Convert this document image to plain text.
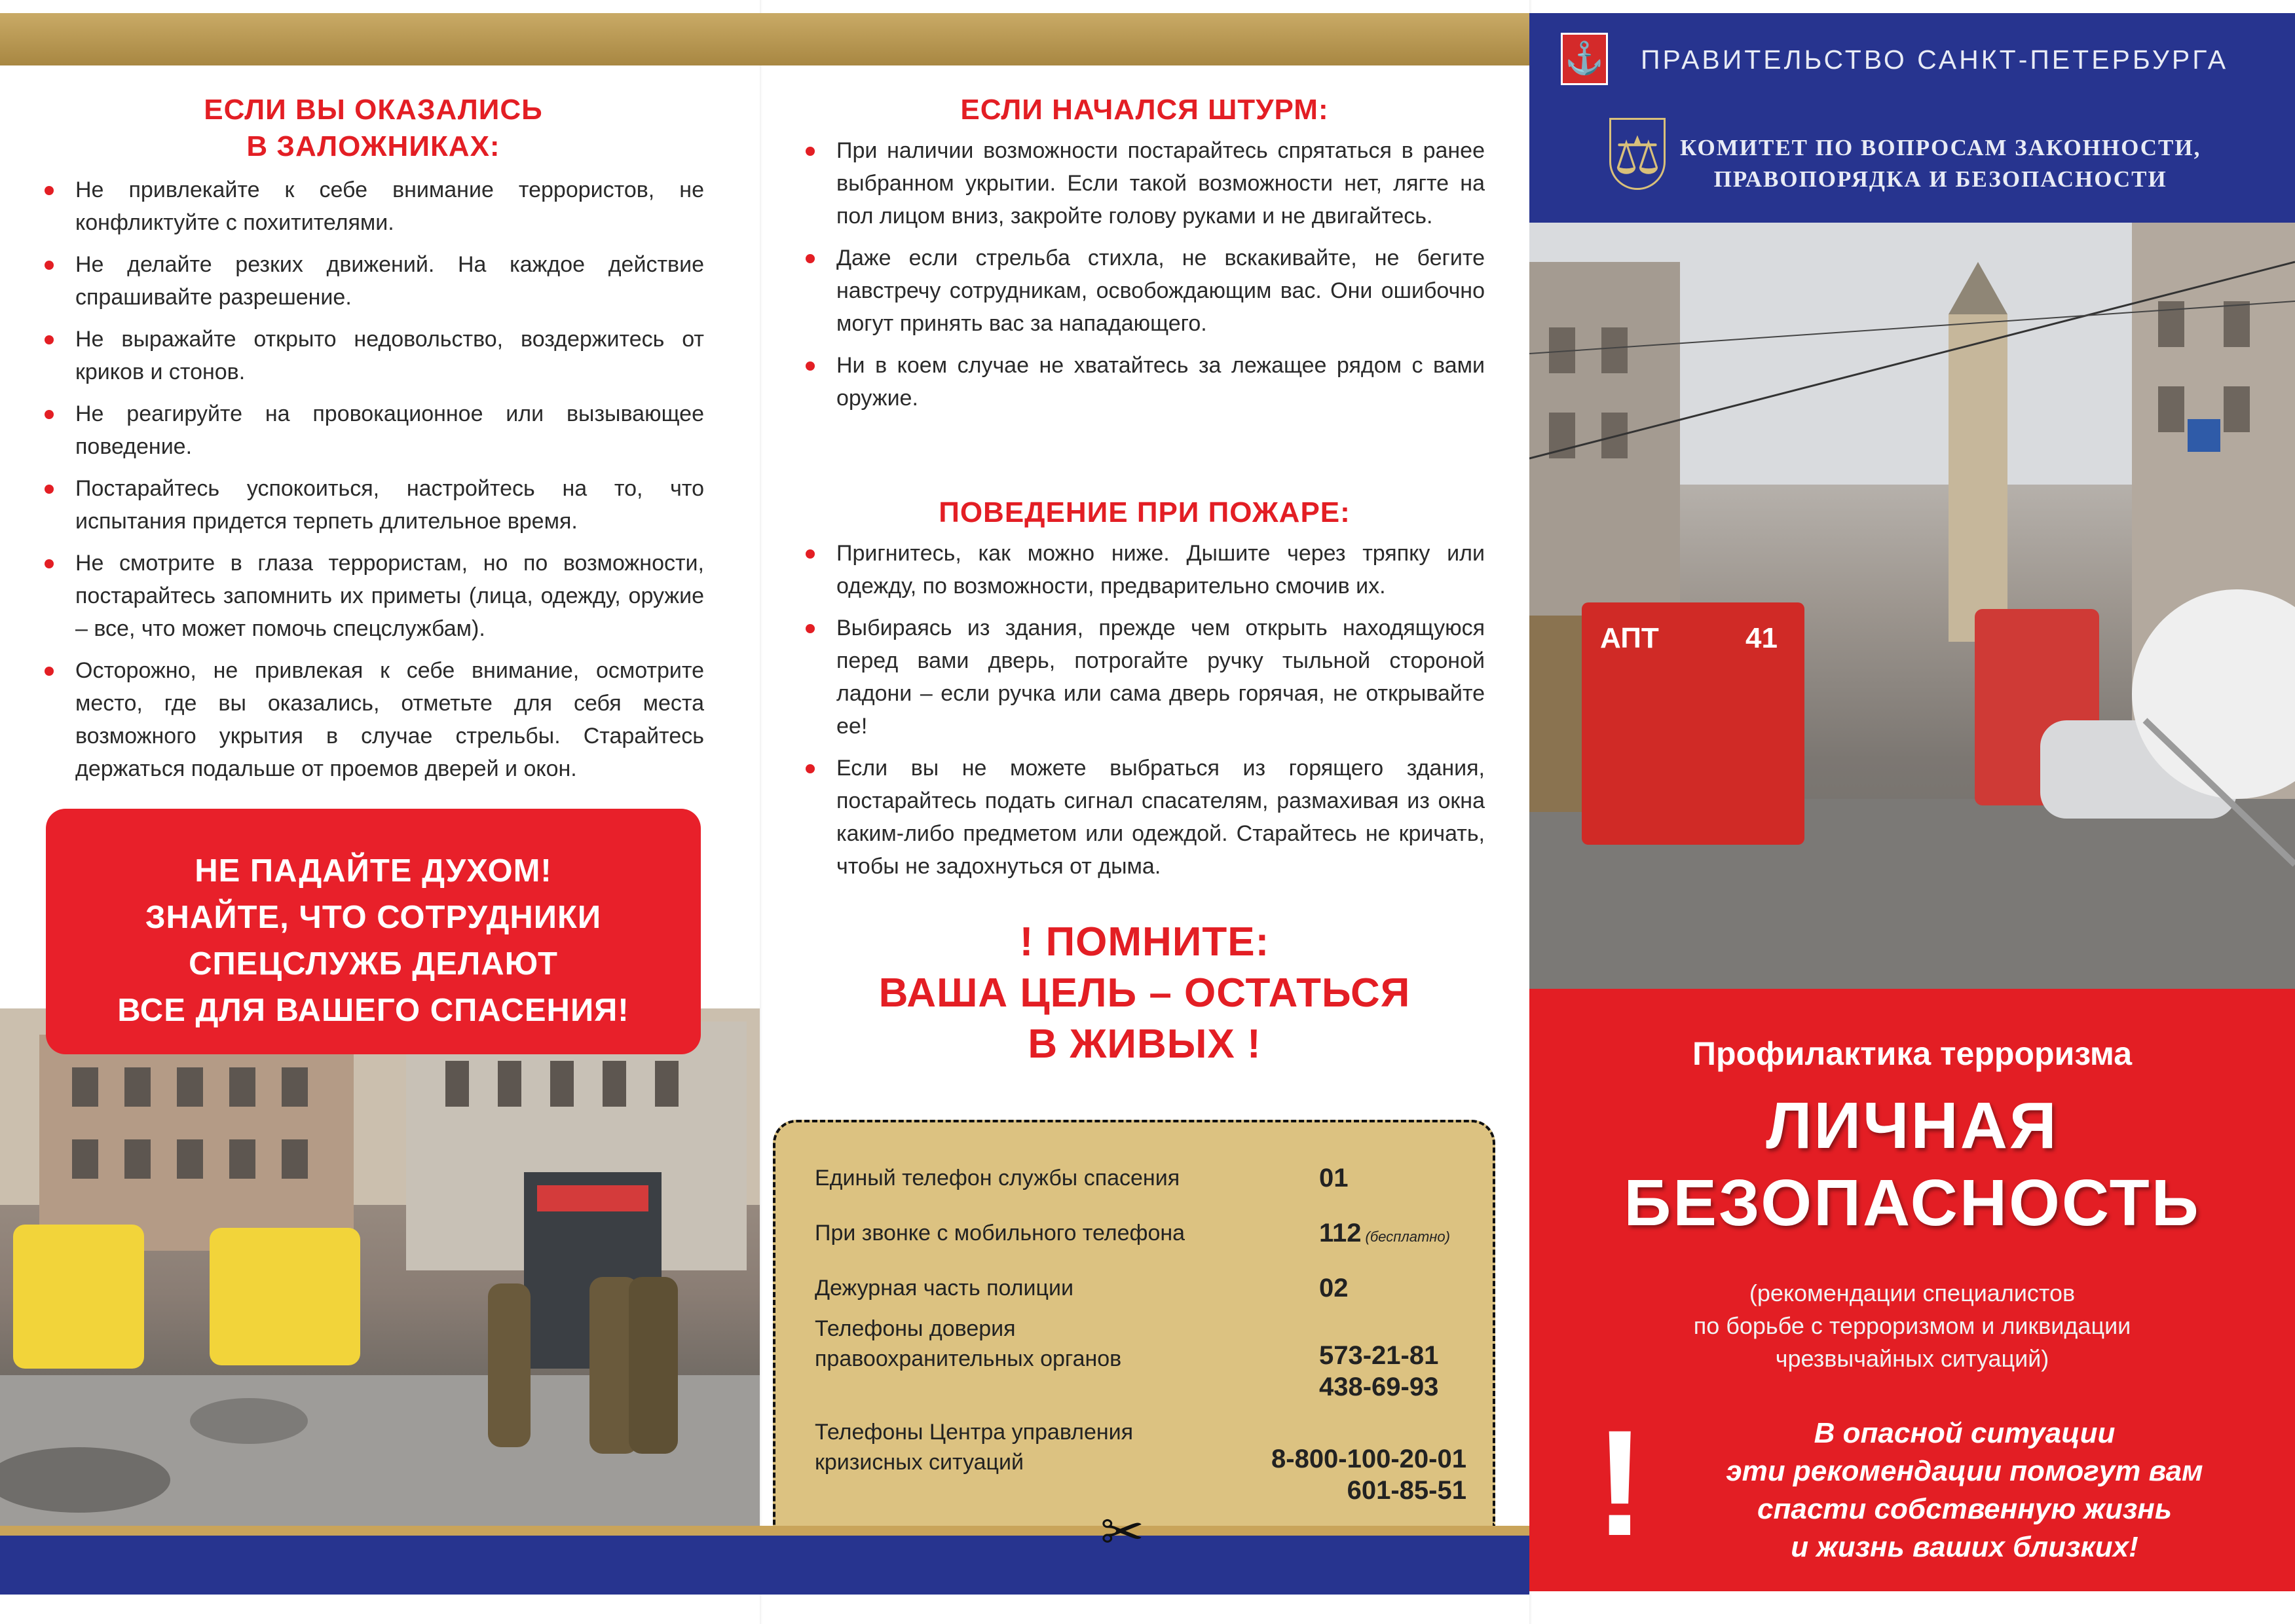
ЕСЛИ ВЫ ОКАЗАЛИСЬ
В ЗАЛОЖНИКАХ:
Не привлекайте к себе внимание террористов, не конфликтуйте с похитителями.
Не делайте резких движений. На каждое действие спрашивайте разрешение.
Не выражайте открыто недовольство, воздержитесь от криков и стонов.
Не реагируйте на провокационное или вызывающее поведение.
Постарайтесь успокоиться, настройтесь на то, что испытания придется терпеть длительное время.
Не смотрите в глаза террористам, но по возможности, постарайтесь запомнить их приметы (лица, одежду, оружие – все, что может помочь спецслужбам).
Осторожно, не привлекая к себе внимание, осмотрите место, где вы оказались, отметьте для себя места возможного укрытия в случае стрельбы. Старайтесь держаться подальше от проемов дверей и окон.
НЕ ПАДАЙТЕ ДУХОМ!
ЗНАЙТЕ, ЧТО СОТРУДНИКИ
СПЕЦСЛУЖБ ДЕЛАЮТ
ВСЕ ДЛЯ ВАШЕГО СПАСЕНИЯ!
ЕСЛИ НАЧАЛСЯ ШТУРМ:
При наличии возможности постарайтесь спрятаться в ранее выбранном укрытии. Если такой возможности нет, лягте на пол лицом вниз, закройте голову руками и не двигайтесь.
Даже если стрельба стихла, не вскакивайте, не бегите навстречу сотрудникам, освобождающим вас. Они ошибочно могут принять вас за нападающего.
Ни в коем случае не хватайтесь за лежащее рядом с вами оружие.
ПОВЕДЕНИЕ ПРИ ПОЖАРЕ:
Пригнитесь, как можно ниже. Дышите через тряпку или одежду, по возможности, предварительно смочив их.
Выбираясь из здания, прежде чем открыть находящуюся перед вами дверь, потрогайте ручку тыльной стороной ладони – если ручка или сама дверь горячая, не открывайте ее!
Если вы не можете выбраться из горящего здания, постарайтесь подать сигнал спасателям, размахивая из окна каким-либо предметом или одеждой. Старайтесь не кричать, чтобы не задохнуться от дыма.
! ПОМНИТЕ:
ВАША ЦЕЛЬ – ОСТАТЬСЯ
В ЖИВЫХ !
Единый телефон службы спасения	01
При звонке с мобильного телефона	112 (бесплатно)
Дежурная часть полиции	02
Телефоны доверия
правоохранительных органов	573-21-81
438-69-93
Телефоны Центра управления
кризисных ситуаций	8-800-100-20-01
601-85-51
✂
⚓ ПРАВИТЕЛЬСТВО САНКТ-ПЕТЕРБУРГА
⚖ КОМИТЕТ ПО ВОПРОСАМ ЗАКОННОСТИ,
ПРАВОПОРЯДКА И БЕЗОПАСНОСТИ
АПТ	41
Профилактика терроризма
ЛИЧНАЯ
БЕЗОПАСНОСТЬ
(рекомендации специалистов
по борьбе с терроризмом и ликвидации
чрезвычайных ситуаций)
!	В опасной ситуации
эти рекомендации помогут вам
спасти собственную жизнь
и жизнь ваших близких!
